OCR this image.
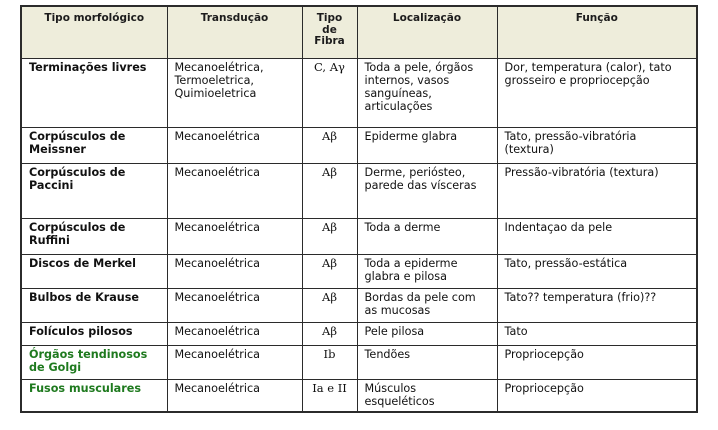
Tipo morfológico	Transdução	Tipo de Fibra	Localização	Função
Terminações livres	Mecanoelétrica, Termoeletrica, Quimioeletrica	C, Aγ	Toda a pele, órgãos internos, vasos sanguíneas, articulações	Dor, temperatura (calor), tato grosseiro e propriocepção
Corpúsculos de Meissner	Mecanoelétrica	Aβ	Epiderme glabra	Tato, pressão-vibratória (textura)
Corpúsculos de Paccini	Mecanoelétrica	Aβ	Derme, periósteo, parede das vísceras	Pressão-vibratória (textura)
Corpúsculos de Ruffini	Mecanoelétrica	Aβ	Toda a derme	Indentaçao da pele
Discos de Merkel	Mecanoelétrica	Aβ	Toda a epiderme glabra e pilosa	Tato, pressão-estática
Bulbos de Krause	Mecanoelétrica	Aβ	Bordas da pele com as mucosas	Tato?? temperatura (frio)??
Folículos pilosos	Mecanoelétrica	Aβ	Pele pilosa	Tato
Órgãos tendinosos de Golgi	Mecanoelétrica	Ib	Tendões	Propriocepção
Fusos musculares	Mecanoelétrica	Ia e II	Músculos esqueléticos	Propriocepção
